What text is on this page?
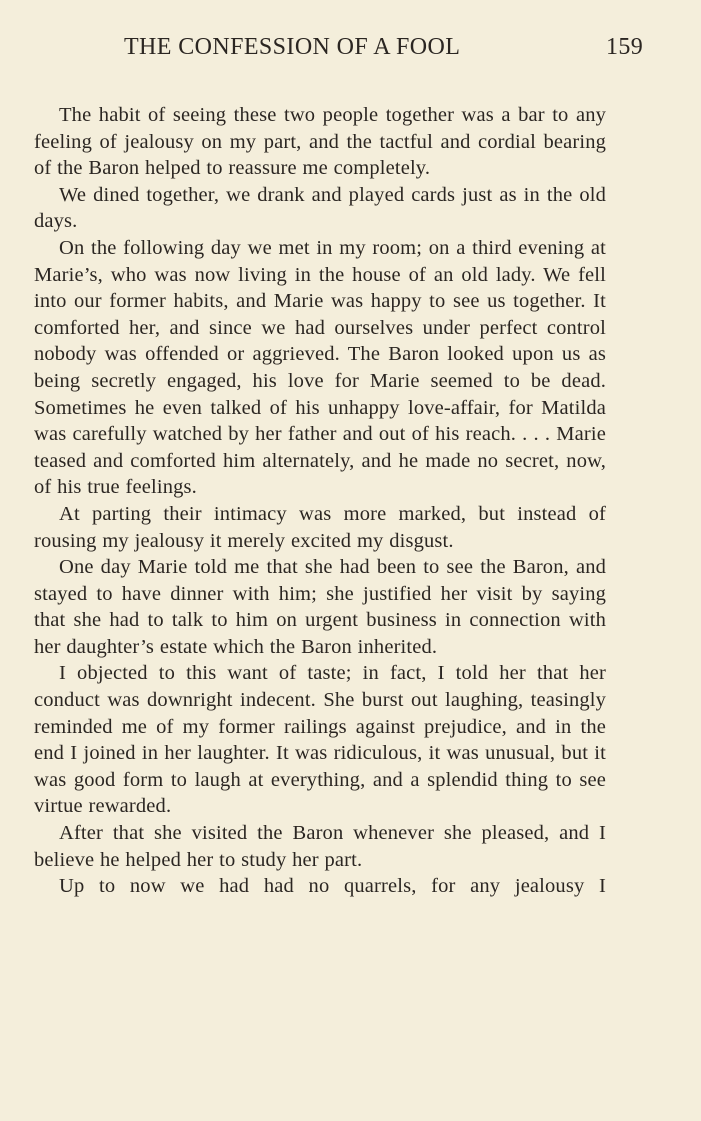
THE CONFESSION OF A FOOL	159

The habit of seeing these two people together was a bar to any feeling of jealousy on my part, and the tactful and cordial bearing of the Baron helped to reassure me completely.

We dined together, we drank and played cards just as in the old days.

On the following day we met in my room; on a third evening at Marie’s, who was now living in the house of an old lady. We fell into our former habits, and Marie was happy to see us together. It comforted her, and since we had ourselves under perfect control nobody was offended or aggrieved. The Baron looked upon us as being secretly engaged, his love for Marie seemed to be dead. Sometimes he even talked of his unhappy love-affair, for Matilda was carefully watched by her father and out of his reach. . . . Marie teased and comforted him alternately, and he made no secret, now, of his true feelings.

At parting their intimacy was more marked, but instead of rousing my jealousy it merely excited my disgust.

One day Marie told me that she had been to see the Baron, and stayed to have dinner with him; she justified her visit by saying that she had to talk to him on urgent business in connection with her daughter’s estate which the Baron inherited.

I objected to this want of taste; in fact, I told her that her conduct was downright indecent. She burst out laughing, teasingly reminded me of my former railings against prejudice, and in the end I joined in her laughter. It was ridiculous, it was unusual, but it was good form to laugh at everything, and a splendid thing to see virtue rewarded.

After that she visited the Baron whenever she pleased, and I believe he helped her to study her part.

Up to now we had had no quarrels, for any jealousy I
